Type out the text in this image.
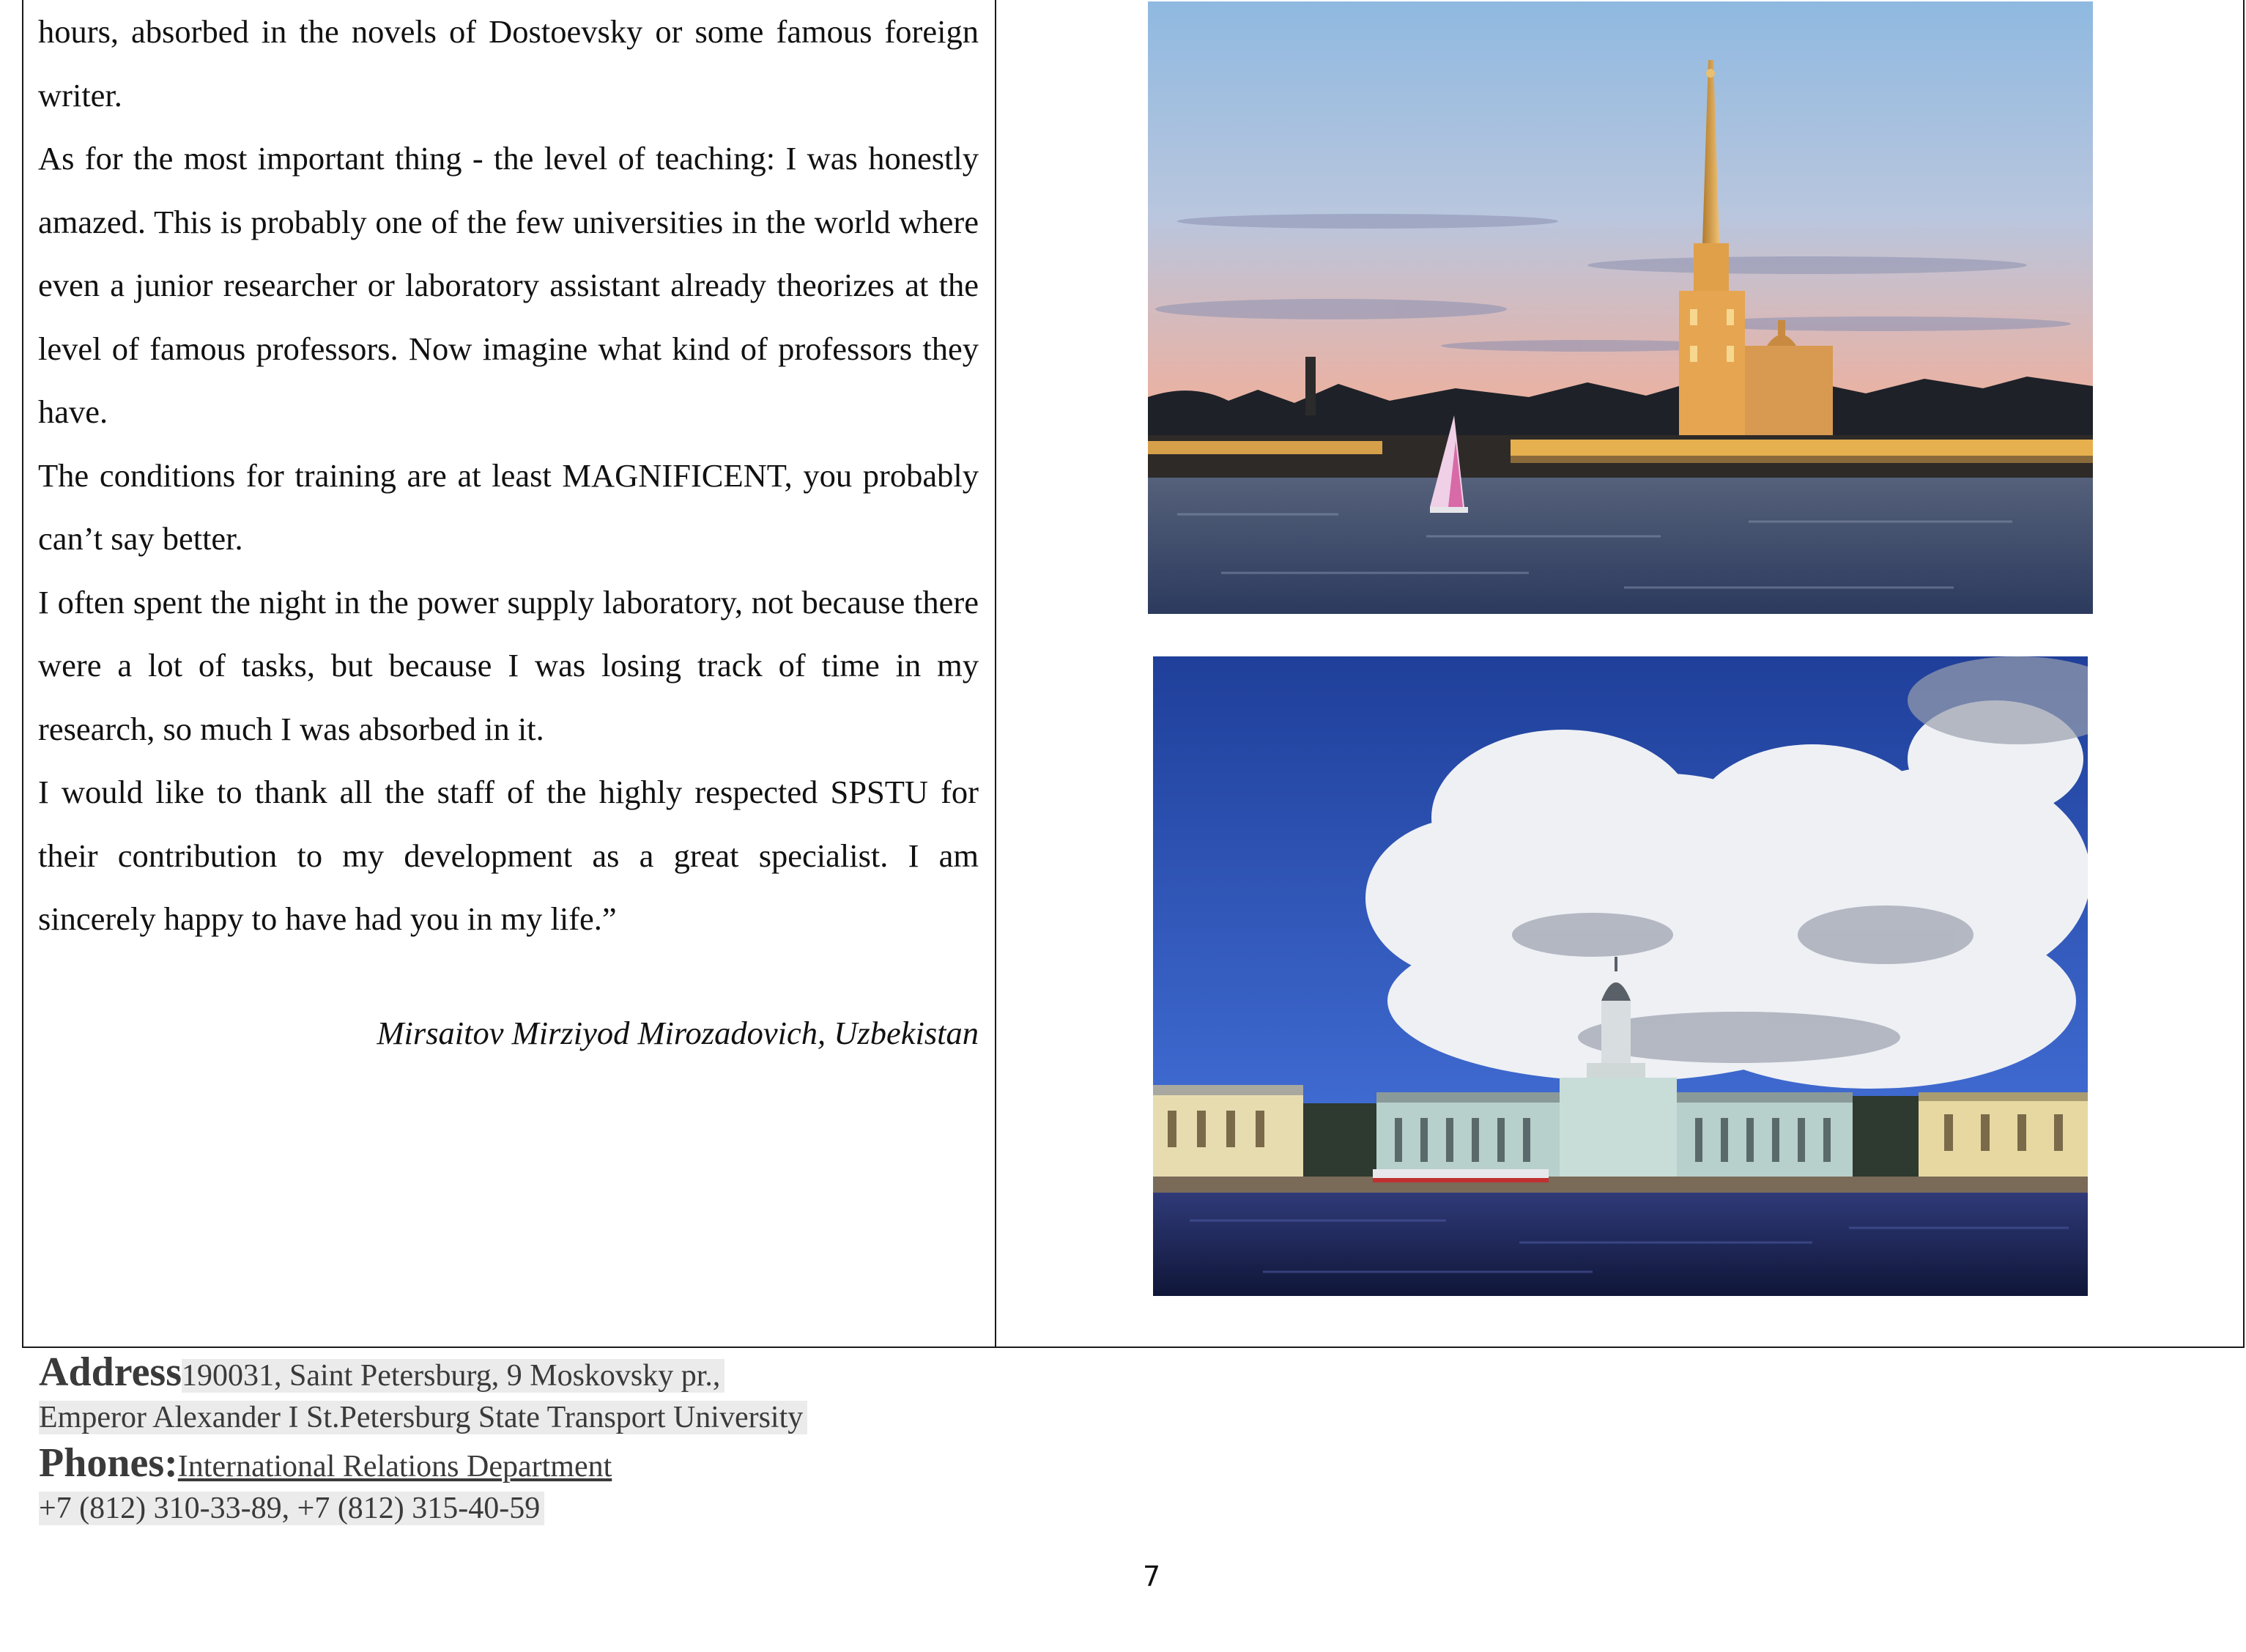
hours, absorbed in the novels of Dostoevsky or some famous foreign writer.

As for the most important thing - the level of teaching: I was honestly amazed. This is probably one of the few universities in the world where even a junior researcher or laboratory assistant already theorizes at the level of famous professors. Now imagine what kind of professors they have.

The conditions for training are at least MAGNIFICENT, you probably can’t say better.

I often spent the night in the power supply laboratory, not because there were a lot of tasks, but because I was losing track of time in my research, so much I was absorbed in it.

I would like to thank all the staff of the highly respected SPSTU for their contribution to my development as a great specialist. I am sincerely happy to have had you in my life.”

Mirsaitov Mirziyod Mirozadovich, Uzbekistan
Address190031, Saint Petersburg, 9 Moskovsky pr.,
Emperor Alexander I St.Petersburg State Transport University
Phones:International Relations Department
+7 (812) 310-33-89, +7 (812) 315-40-59
7
